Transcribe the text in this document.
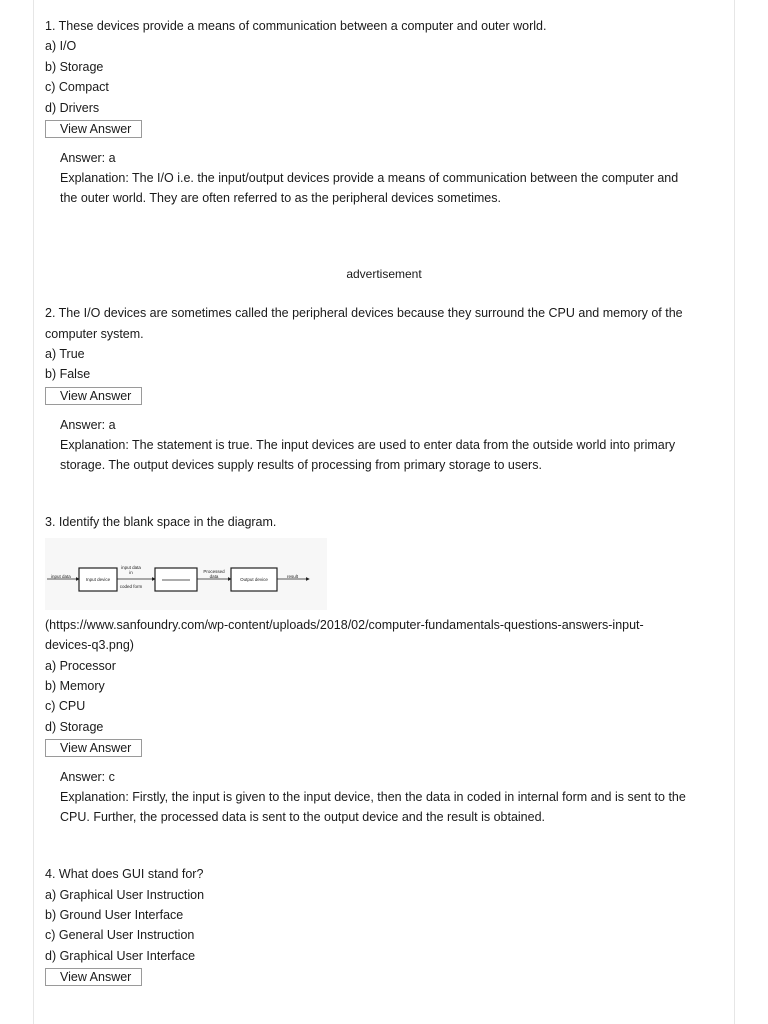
1. These devices provide a means of communication between a computer and outer world.
a) I/O
b) Storage
c) Compact
d) Drivers
View Answer
Answer: a
Explanation: The I/O i.e. the input/output devices provide a means of communication between the computer and
the outer world. They are often referred to as the peripheral devices sometimes.
advertisement
2. The I/O devices are sometimes called the peripheral devices because they surround the CPU and memory of the
computer system.
a) True
b) False
View Answer
Answer: a
Explanation: The statement is true. The input devices are used to enter data from the outside world into primary
storage. The output devices supply results of processing from primary storage to users.
3. Identify the blank space in the diagram.
input data
Input device
input data
in
coded form
Processed
data
Output device
result
(https://www.sanfoundry.com/wp-content/uploads/2018/02/computer-fundamentals-questions-answers-input-
devices-q3.png)
a) Processor
b) Memory
c) CPU
d) Storage
View Answer
Answer: c
Explanation: Firstly, the input is given to the input device, then the data in coded in internal form and is sent to the
CPU. Further, the processed data is sent to the output device and the result is obtained.
4. What does GUI stand for?
a) Graphical User Instruction
b) Ground User Interface
c) General User Instruction
d) Graphical User Interface
View Answer
